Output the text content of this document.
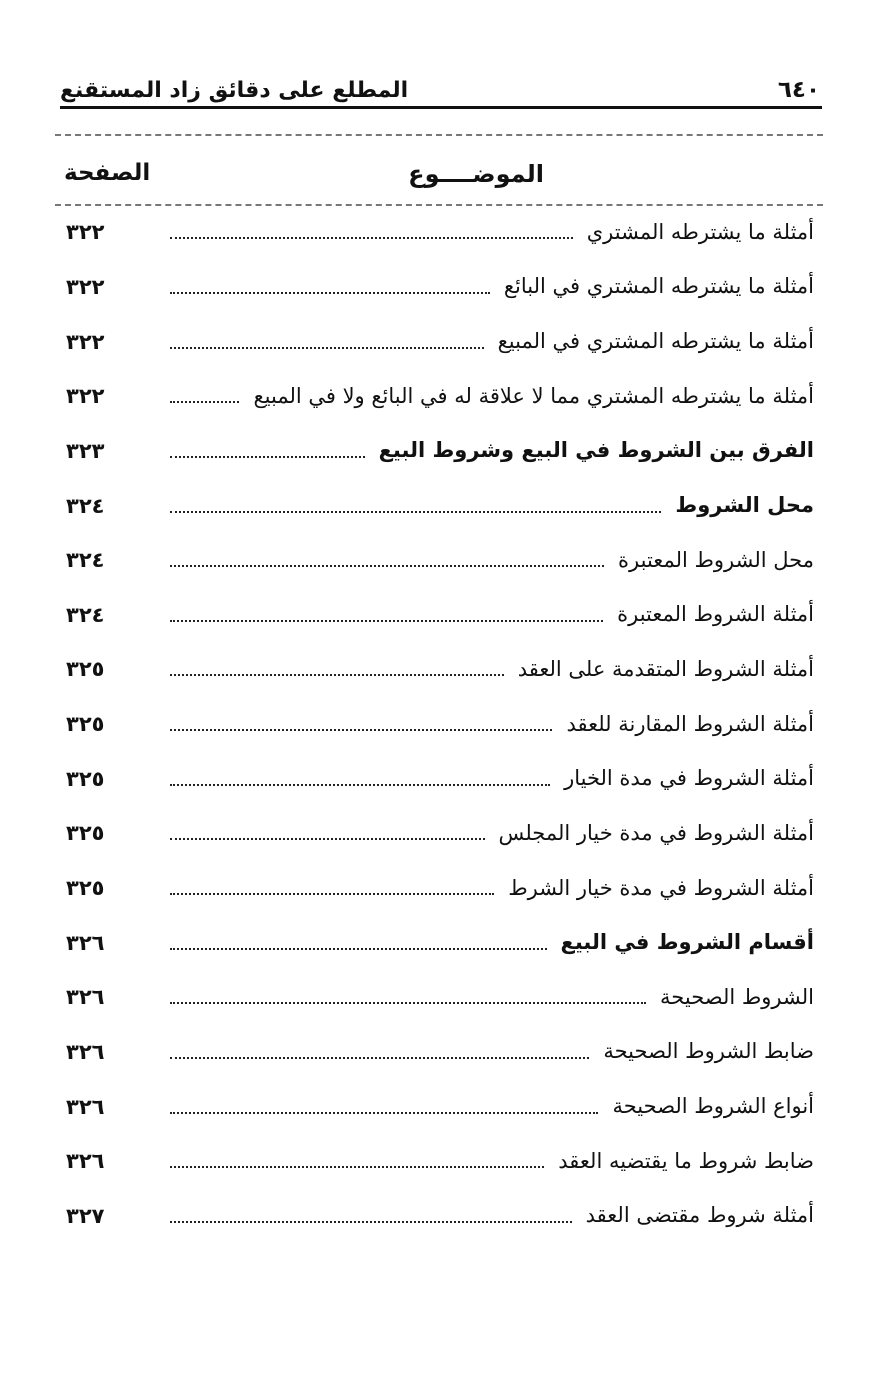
٦٤٠
المطلع على دقائق زاد المستقنع
الموضــــوع
الصفحة
أمثلة ما يشترطه المشتري
٣٢٢
أمثلة ما يشترطه المشتري في البائع
٣٢٢
أمثلة ما يشترطه المشتري في المبيع
٣٢٢
أمثلة ما يشترطه المشتري مما لا علاقة له في البائع ولا في المبيع
٣٢٢
الفرق بين الشروط في البيع وشروط البيع
٣٢٣
محل الشروط
٣٢٤
محل الشروط المعتبرة
٣٢٤
أمثلة الشروط المعتبرة
٣٢٤
أمثلة الشروط المتقدمة على العقد
٣٢٥
أمثلة الشروط المقارنة للعقد
٣٢٥
أمثلة الشروط في مدة الخيار
٣٢٥
أمثلة الشروط في مدة خيار المجلس
٣٢٥
أمثلة الشروط في مدة خيار الشرط
٣٢٥
أقسام الشروط في البيع
٣٢٦
الشروط الصحيحة
٣٢٦
ضابط الشروط الصحيحة
٣٢٦
أنواع الشروط الصحيحة
٣٢٦
ضابط شروط ما يقتضيه العقد
٣٢٦
أمثلة شروط مقتضى العقد
٣٢٧
